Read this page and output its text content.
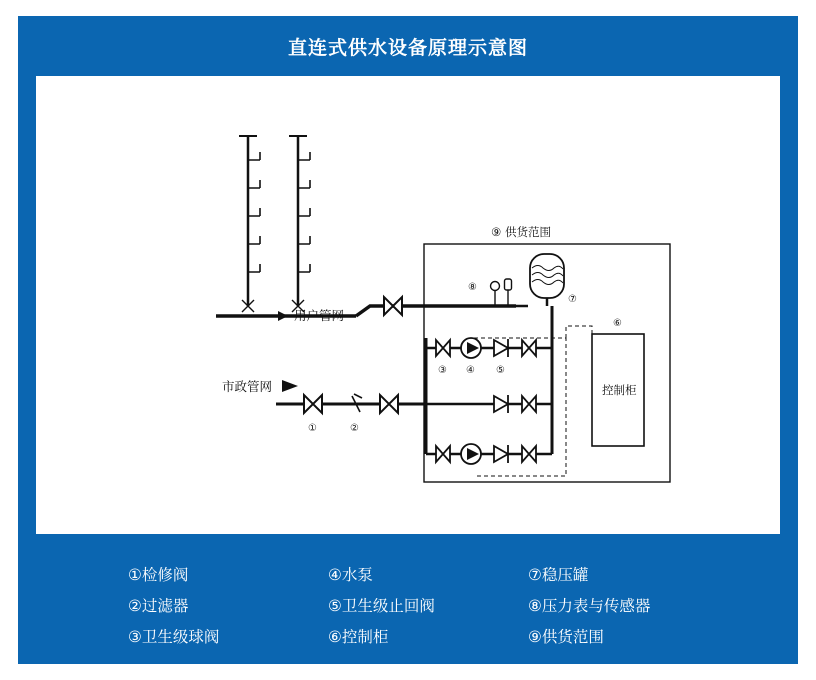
直连式供水设备原理示意图
用户管网
市政管网
①	②
⑨ 供货范围
③ ④ ⑤
⑦
⑧
控制柜
⑥
①检修阀	④水泵	⑦稳压罐
②过滤器	⑤卫生级止回阀	⑧压力表与传感器
③卫生级球阀	⑥控制柜	⑨供货范围
